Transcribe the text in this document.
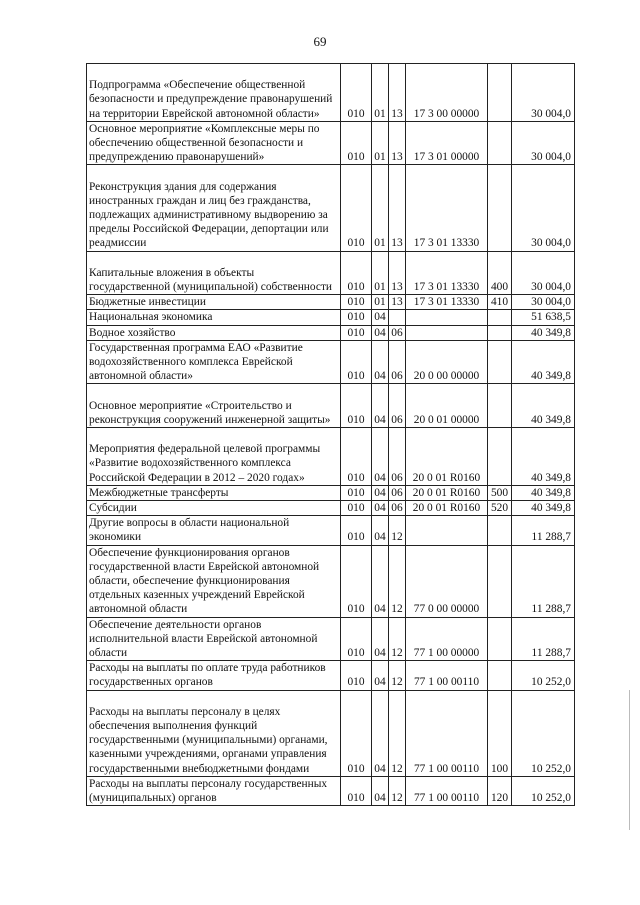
69
Подпрограмма «Обеспечение общественной безопасности и предупреждение правонарушений на территории Еврейской автономной области»	010	01	13	17 3 00 00000		30 004,0
Основное мероприятие «Комплексные меры по обеспечению общественной безопасности и предупреждению правонарушений»	010	01	13	17 3 01 00000		30 004,0
Реконструкция здания для содержания иностранных граждан и лиц без гражданства, подлежащих административному выдворению за пределы Российской Федерации, депортации или реадмиссии	010	01	13	17 3 01 13330		30 004,0
Капитальные вложения в объекты государственной (муниципальной) собственности	010	01	13	17 3 01 13330	400	30 004,0
Бюджетные инвестиции	010	01	13	17 3 01 13330	410	30 004,0
Национальная экономика	010	04				51 638,5
Водное хозяйство	010	04	06			40 349,8
Государственная программа ЕАО «Развитие водохозяйственного комплекса Еврейской автономной области»	010	04	06	20 0 00 00000		40 349,8
Основное мероприятие «Строительство и реконструкция сооружений инженерной защиты»	010	04	06	20 0 01 00000		40 349,8
Мероприятия федеральной целевой программы «Развитие водохозяйственного комплекса Российской Федерации в 2012 – 2020 годах»	010	04	06	20 0 01 R0160		40 349,8
Межбюджетные трансферты	010	04	06	20 0 01 R0160	500	40 349,8
Субсидии	010	04	06	20 0 01 R0160	520	40 349,8
Другие вопросы в области национальной экономики	010	04	12			11 288,7
Обеспечение функционирования органов государственной власти Еврейской автономной области, обеспечение функционирования отдельных казенных учреждений Еврейской автономной области	010	04	12	77 0 00 00000		11 288,7
Обеспечение деятельности органов исполнительной власти Еврейской автономной области	010	04	12	77 1 00 00000		11 288,7
Расходы на выплаты по оплате труда работников государственных органов	010	04	12	77 1 00 00110		10 252,0
Расходы на выплаты персоналу в целях обеспечения выполнения функций государственными (муниципальными) органами, казенными учреждениями, органами управления государственными внебюджетными фондами	010	04	12	77 1 00 00110	100	10 252,0
Расходы на выплаты персоналу государственных (муниципальных) органов	010	04	12	77 1 00 00110	120	10 252,0
